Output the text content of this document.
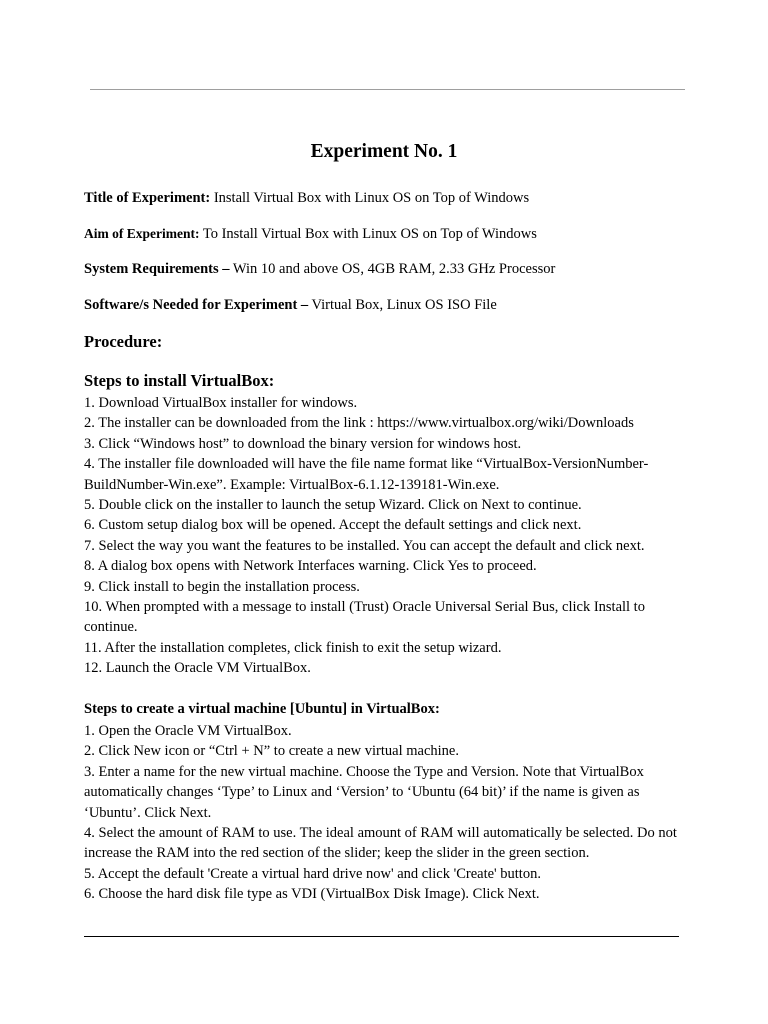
Experiment No. 1

Title of Experiment: Install Virtual Box with Linux OS on Top of Windows

Aim of Experiment: To Install Virtual Box with Linux OS on Top of Windows

System Requirements – Win 10 and above OS, 4GB RAM, 2.33 GHz Processor

Software/s Needed for Experiment – Virtual Box, Linux OS ISO File

Procedure:
Steps to install VirtualBox:
1. Download VirtualBox installer for windows.
2. The installer can be downloaded from the link : https://www.virtualbox.org/wiki/Downloads
3. Click “Windows host” to download the binary version for windows host.
4. The installer file downloaded will have the file name format like “VirtualBox-VersionNumber-BuildNumber-Win.exe”. Example: VirtualBox-6.1.12-139181-Win.exe.
5. Double click on the installer to launch the setup Wizard. Click on Next to continue.
6. Custom setup dialog box will be opened. Accept the default settings and click next.
7. Select the way you want the features to be installed. You can accept the default and click next.
8. A dialog box opens with Network Interfaces warning. Click Yes to proceed.
9. Click install to begin the installation process.
10. When prompted with a message to install (Trust) Oracle Universal Serial Bus, click Install to continue.
11. After the installation completes, click finish to exit the setup wizard.
12. Launch the Oracle VM VirtualBox.
Steps to create a virtual machine [Ubuntu] in VirtualBox:
1. Open the Oracle VM VirtualBox.
2. Click New icon or “Ctrl + N” to create a new virtual machine.
3. Enter a name for the new virtual machine. Choose the Type and Version. Note that VirtualBox automatically changes ‘Type’ to Linux and ‘Version’ to ‘Ubuntu (64 bit)’ if the name is given as ‘Ubuntu’. Click Next.
4. Select the amount of RAM to use. The ideal amount of RAM will automatically be selected. Do not increase the RAM into the red section of the slider; keep the slider in the green section.
5. Accept the default 'Create a virtual hard drive now' and click 'Create' button.
6. Choose the hard disk file type as VDI (VirtualBox Disk Image). Click Next.
